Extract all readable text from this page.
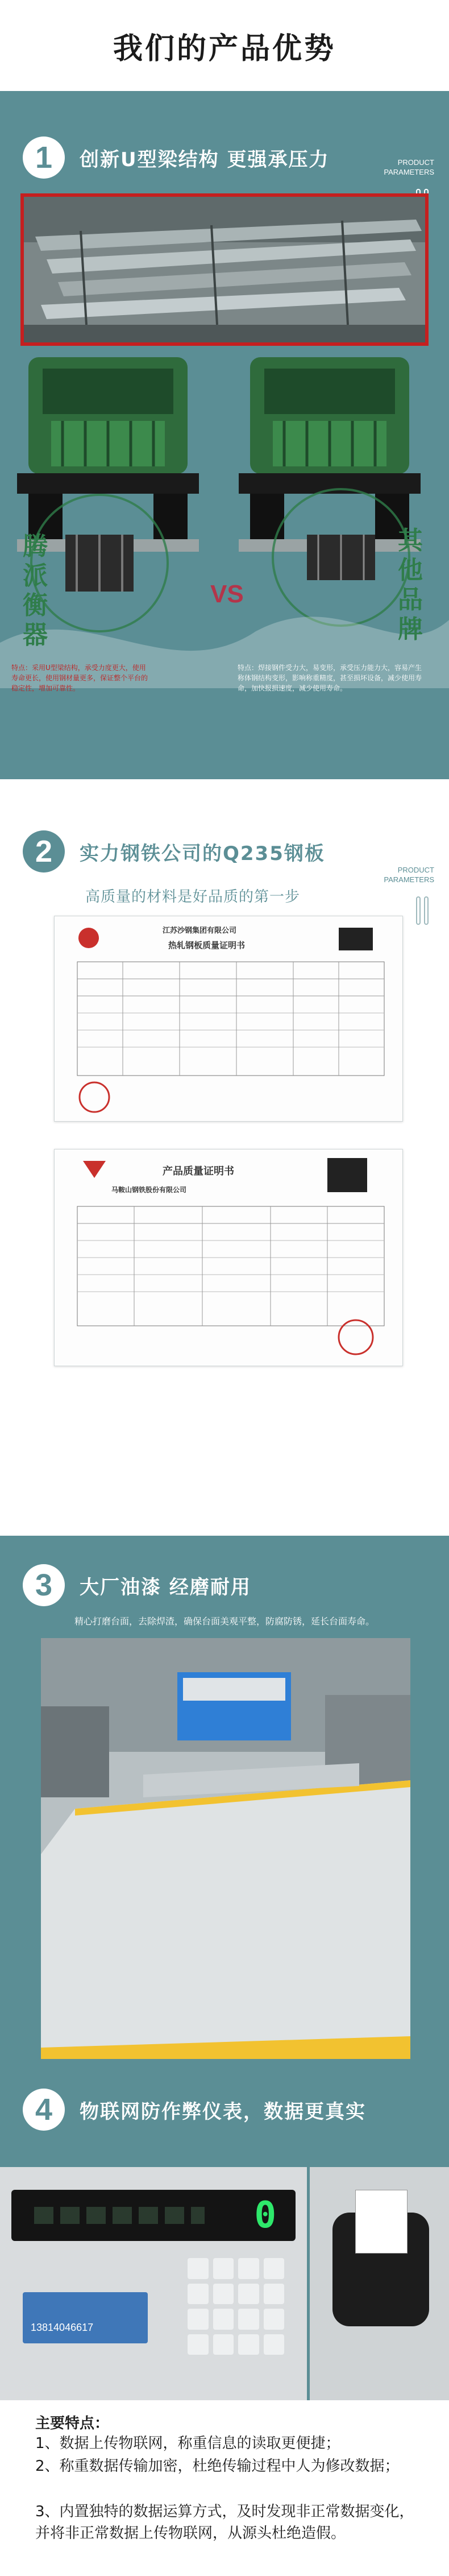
我们的产品优势
1	创新U型梁结构 更强承压力	PRODUCT
PARAMETERS
VS
腾派衡器
其他品牌
特点：采用U型梁结构，承受力度更大，使用寿命更长，使用钢材量更多，保证整个平台的稳定性，增加可靠性。
特点：焊接钢件受力大，易变形，承受压力能力大，容易产生称体钢结构变形，影响称重精度，甚至损坏设备，减少使用寿命，加快报损速度，减少使用寿命。
2	实力钢铁公司的Q235钢板
PRODUCT
PARAMETERS
高质量的材料是好品质的第一步
江苏沙钢集团有限公司
热轧钢板质量证明书
产品质量证明书
马鞍山钢铁股份有限公司
3	大厂油漆 经磨耐用
精心打磨台面，去除焊渣，确保台面美观平整，防腐防锈，延长台面寿命。
4	物联网防作弊仪表，数据更真实
0
13814046617
主要特点：
1、数据上传物联网，称重信息的读取更便捷；
2、称重数据传输加密，杜绝传输过程中人为修改数据；
3、内置独特的数据运算方式，及时发现非正常数据变化，并将非正常数据上传物联网，从源头杜绝造假。
